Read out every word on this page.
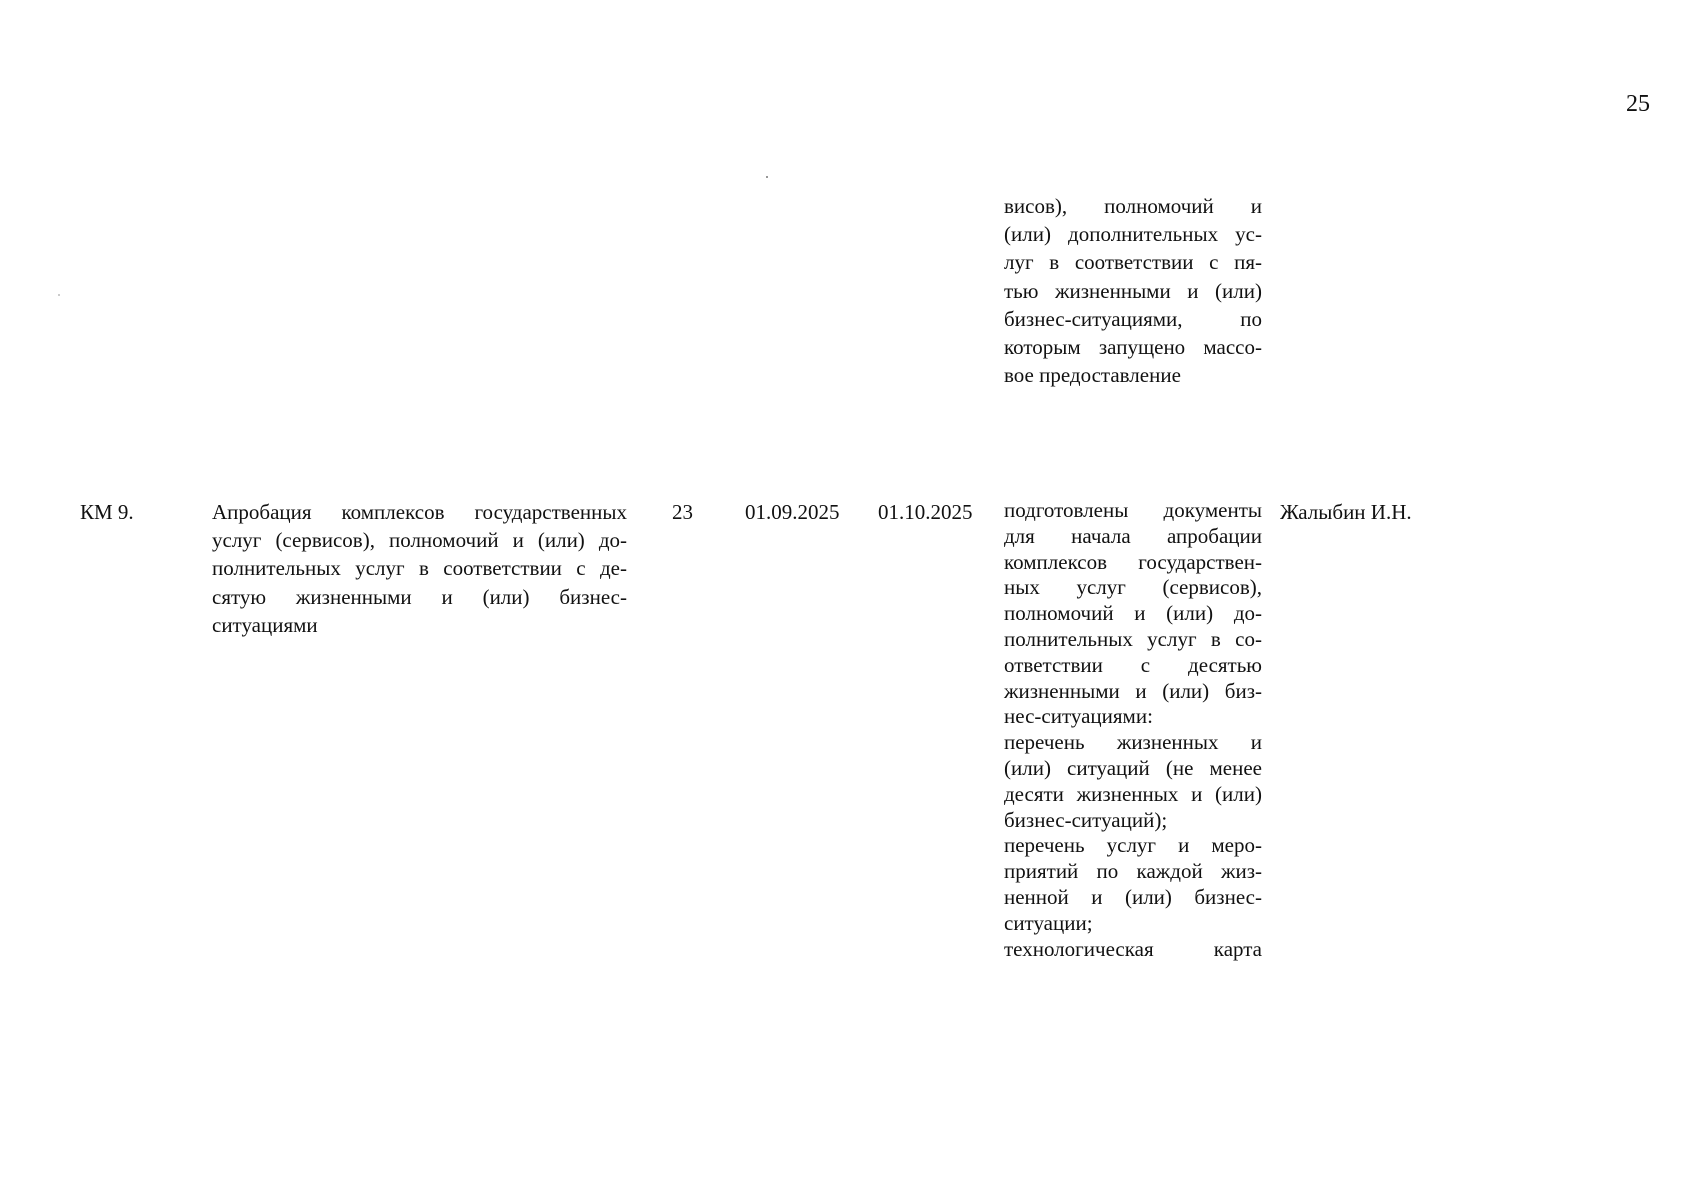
25
висов), полномочий и
(или) дополнительных ус-
луг в соответствии с пя-
тью жизненными и (или)
бизнес-ситуациями, по
которым запущено массо-
вое предоставление
КМ 9.	Апробация комплексов государственных
услуг (сервисов), полномочий и (или) до-
полнительных услуг в соответствии с де-
сятую жизненными и (или) бизнес-
ситуациями
23 01.09.2025 01.10.2025 подготовлены документы
для начала апробации
комплексов государствен-
ных услуг (сервисов),
полномочий и (или) до-
полнительных услуг в со-
ответствии с десятью
жизненными и (или) биз-
нес-ситуациями:
перечень жизненных и
(или) ситуаций (не менее
десяти жизненных и (или)
бизнес-ситуаций);
перечень услуг и меро-
приятий по каждой жиз-
ненной и (или) бизнес-
ситуации;
технологическая карта
Жалыбин И.Н.
